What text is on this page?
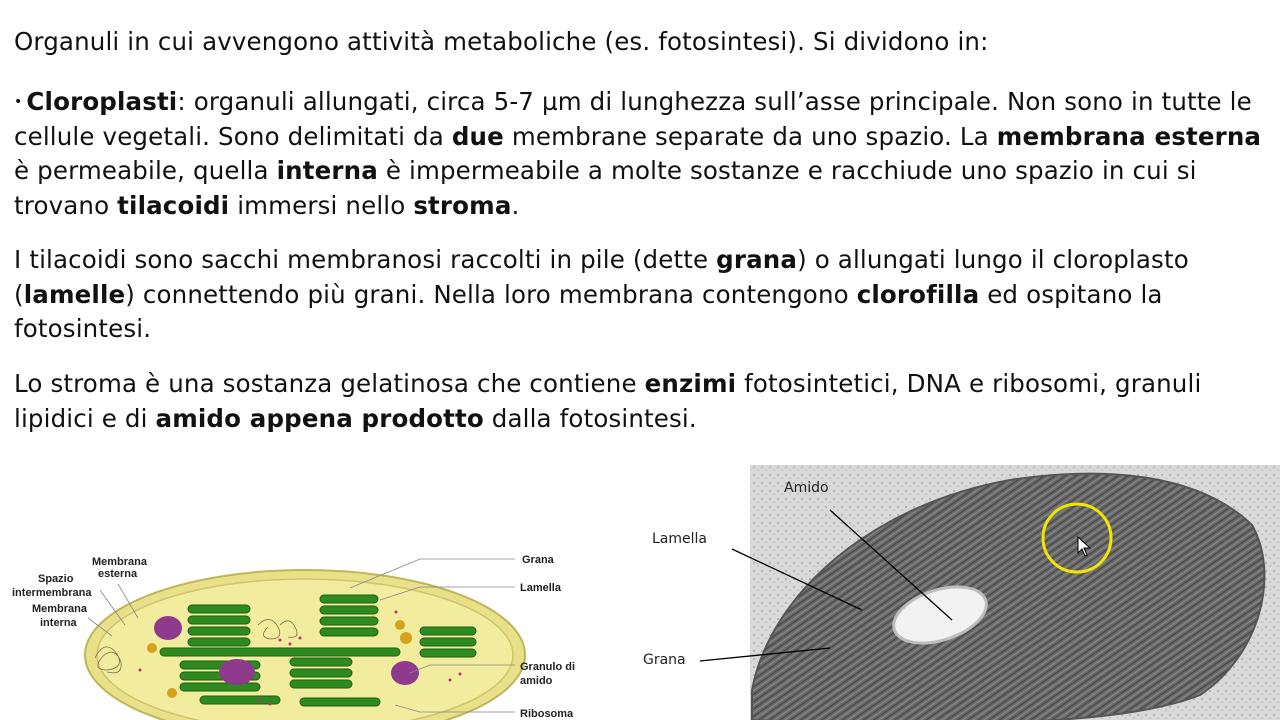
Organuli in cui avvengono attività metaboliche (es. fotosintesi). Si dividono in:
• Cloroplasti: organuli allungati, circa 5-7 µm di lunghezza sull’asse principale. Non sono in tutte le cellule vegetali. Sono delimitati da due membrane separate da uno spazio. La membrana esterna è permeabile, quella interna è impermeabile a molte sostanze e racchiude uno spazio in cui si trovano tilacoidi immersi nello stroma.
I tilacoidi sono sacchi membranosi raccolti in pile (dette grana) o allungati lungo il cloroplasto (lamelle) connettendo più grani. Nella loro membrana contengono clorofilla ed ospitano la fotosintesi.
Lo stroma è una sostanza gelatinosa che contiene enzimi fotosintetici, DNA e ribosomi, granuli lipidici e di amido appena prodotto dalla fotosintesi.
Membrana
esterna
Spazio
intermembrana
Membrana
interna
Grana
Lamella
Granulo di
amido
Ribosoma
Amido
Lamella
Grana
